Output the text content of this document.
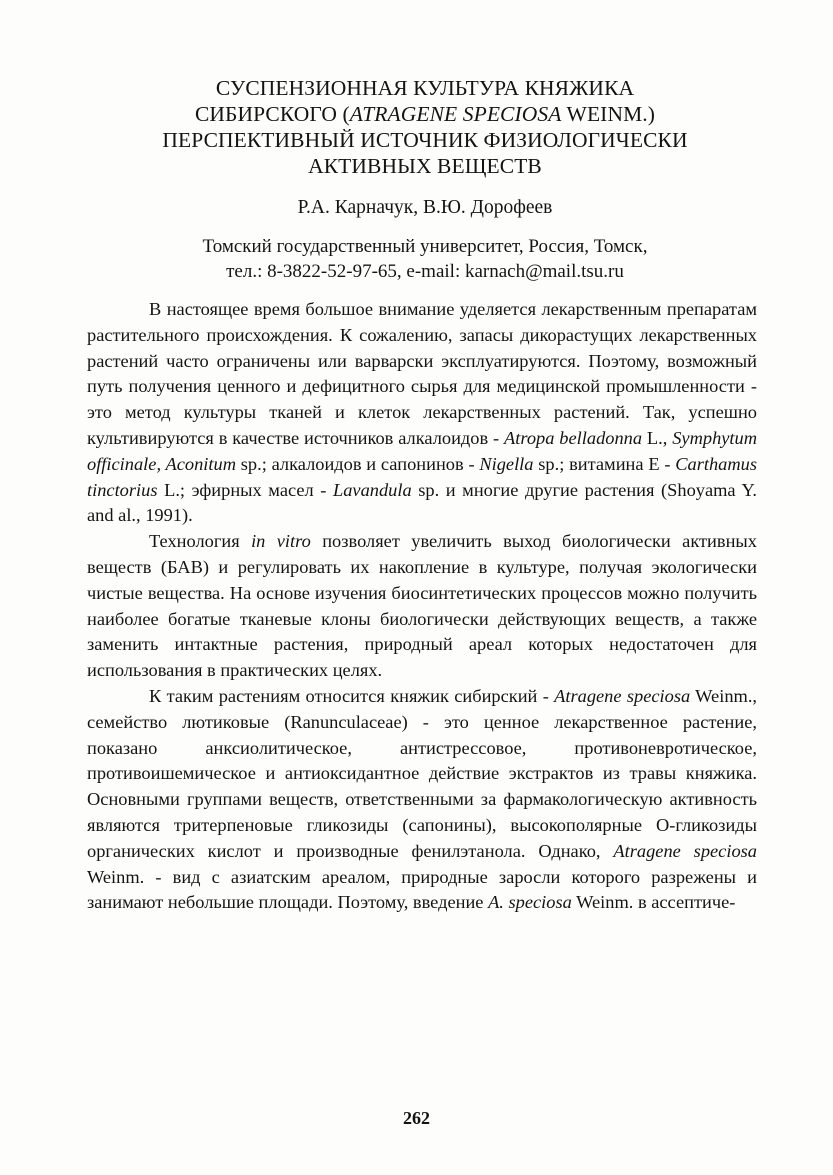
СУСПЕНЗИОННАЯ КУЛЬТУРА КНЯЖИКА
СИБИРСКОГО (ATRAGENE SPECIOSA WEINM.)
ПЕРСПЕКТИВНЫЙ ИСТОЧНИК ФИЗИОЛОГИЧЕСКИ
АКТИВНЫХ ВЕЩЕСТВ
Р.А. Карначук, В.Ю. Дорофеев
Томский государственный университет, Россия, Томск,
тел.: 8-3822-52-97-65, e-mail: karnach@mail.tsu.ru

В настоящее время большое внимание уделяется лекарственным препаратам растительного происхождения. К сожалению, запасы дикорастущих лекарственных растений часто ограничены или варварски эксплуатируются. Поэтому, возможный путь получения ценного и дефицитного сырья для медицинской промышленности - это метод культуры тканей и клеток лекарственных растений. Так, успешно культивируются в качестве источников алкалоидов - Atropa belladonna L., Symphytum officinale, Aconitum sp.; алкалоидов и сапонинов - Nigella sp.; витамина Е - Carthamus tinctorius L.; эфирных масел - Lavandula sp. и многие другие растения (Shoyama Y. and al., 1991).

Технология in vitro позволяет увеличить выход биологически активных веществ (БАВ) и регулировать их накопление в культуре, получая экологически чистые вещества. На основе изучения биосинтетических процессов можно получить наиболее богатые тканевые клоны биологически действующих веществ, а также заменить интактные растения, природный ареал которых недостаточен для использования в практических целях.

К таким растениям относится княжик сибирский - Atragene speciosa Weinm., семейство лютиковые (Ranunculaceae) - это ценное лекарственное растение, показано анксиолитическое, антистрессовое, противоневротическое, противоишемическое и антиоксидантное действие экстрактов из травы княжика. Основными группами веществ, ответственными за фармакологическую активность являются тритерпеновые гликозиды (сапонины), высокополярные О-гликозиды органических кислот и производные фенилэтанола. Однако, Atragene speciosa Weinm. - вид с азиатским ареалом, природные заросли которого разрежены и занимают небольшие площади. Поэтому, введение A. speciosa Weinm. в ассептиче-

262
